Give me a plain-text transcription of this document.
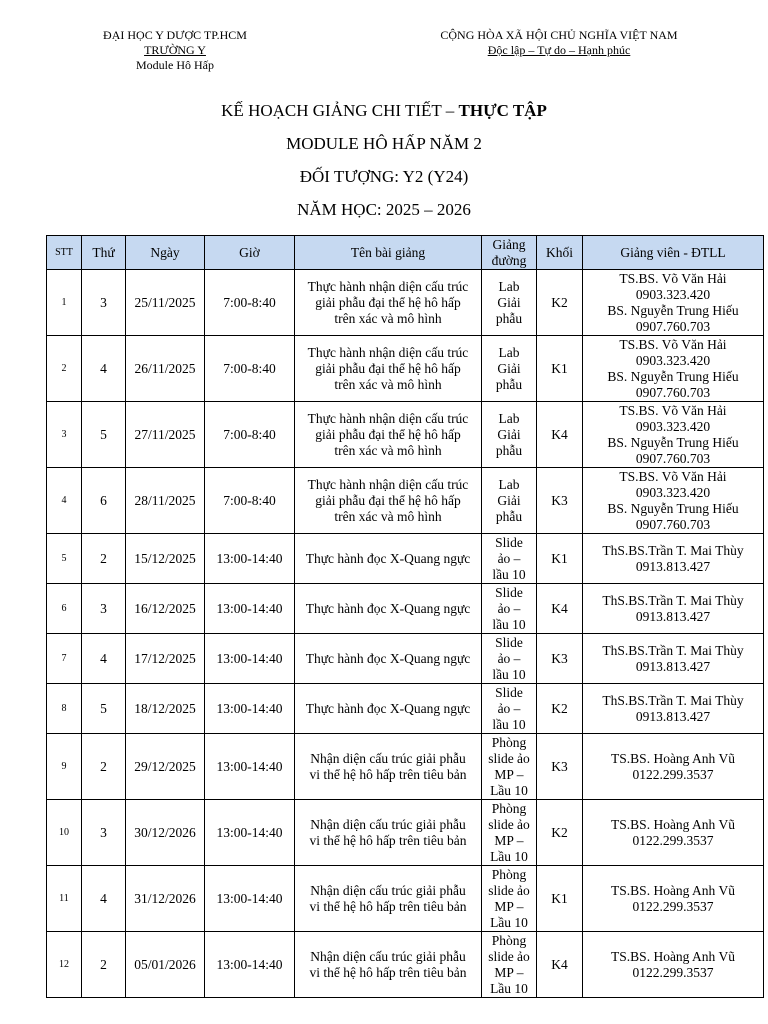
ĐẠI HỌC Y DƯỢC TP.HCM
TRƯỜNG Y
Module Hô Hấp
CỘNG HÒA XÃ HỘI CHỦ NGHĨA VIỆT NAM
Độc lập – Tự do – Hạnh phúc
KẾ HOẠCH GIẢNG CHI TIẾT – THỰC TẬP
MODULE HÔ HẤP NĂM 2
ĐỐI TƯỢNG: Y2 (Y24)
NĂM HỌC: 2025 – 2026
STT	Thứ	Ngày	Giờ	Tên bài giảng	Giảng
đường	Khối	Giảng viên - ĐTLL
1	3	25/11/2025	7:00-8:40	Thực hành nhận diện cấu trúc
giải phẫu đại thể hệ hô hấp
trên xác và mô hình	Lab
Giải
phẫu	K2	TS.BS. Võ Văn Hải
0903.323.420
BS. Nguyễn Trung Hiếu
0907.760.703

2	4	26/11/2025	7:00-8:40	Thực hành nhận diện cấu trúc
giải phẫu đại thể hệ hô hấp
trên xác và mô hình	Lab
Giải
phẫu	K1	TS.BS. Võ Văn Hải
0903.323.420
BS. Nguyễn Trung Hiếu
0907.760.703

3	5	27/11/2025	7:00-8:40	Thực hành nhận diện cấu trúc
giải phẫu đại thể hệ hô hấp
trên xác và mô hình	Lab
Giải
phẫu	K4	TS.BS. Võ Văn Hải
0903.323.420
BS. Nguyễn Trung Hiếu
0907.760.703

4	6	28/11/2025	7:00-8:40	Thực hành nhận diện cấu trúc
giải phẫu đại thể hệ hô hấp
trên xác và mô hình	Lab
Giải
phẫu	K3	TS.BS. Võ Văn Hải
0903.323.420
BS. Nguyễn Trung Hiếu
0907.760.703

5	2	15/12/2025	13:00-14:40	Thực hành đọc X-Quang ngực	Slide
ảo –
lầu 10	K1	ThS.BS.Trần T. Mai Thùy
0913.813.427

6	3	16/12/2025	13:00-14:40	Thực hành đọc X-Quang ngực	Slide
ảo –
lầu 10	K4	ThS.BS.Trần T. Mai Thùy
0913.813.427

7	4	17/12/2025	13:00-14:40	Thực hành đọc X-Quang ngực	Slide
ảo –
lầu 10	K3	ThS.BS.Trần T. Mai Thùy
0913.813.427

8	5	18/12/2025	13:00-14:40	Thực hành đọc X-Quang ngực	Slide
ảo –
lầu 10	K2	ThS.BS.Trần T. Mai Thùy
0913.813.427

9	2	29/12/2025	13:00-14:40	Nhận diện cấu trúc giải phẫu
vi thể hệ hô hấp trên tiêu bản	Phòng
slide ảo
MP –
Lầu 10	K3	TS.BS. Hoàng Anh Vũ
0122.299.3537

10	3	30/12/2026	13:00-14:40	Nhận diện cấu trúc giải phẫu
vi thể hệ hô hấp trên tiêu bản	Phòng
slide ảo
MP –
Lầu 10	K2	TS.BS. Hoàng Anh Vũ
0122.299.3537

11	4	31/12/2026	13:00-14:40	Nhận diện cấu trúc giải phẫu
vi thể hệ hô hấp trên tiêu bản	Phòng
slide ảo
MP –
Lầu 10	K1	TS.BS. Hoàng Anh Vũ
0122.299.3537

12	2	05/01/2026	13:00-14:40	Nhận diện cấu trúc giải phẫu
vi thể hệ hô hấp trên tiêu bản	Phòng
slide ảo
MP –
Lầu 10	K4	TS.BS. Hoàng Anh Vũ
0122.299.3537
